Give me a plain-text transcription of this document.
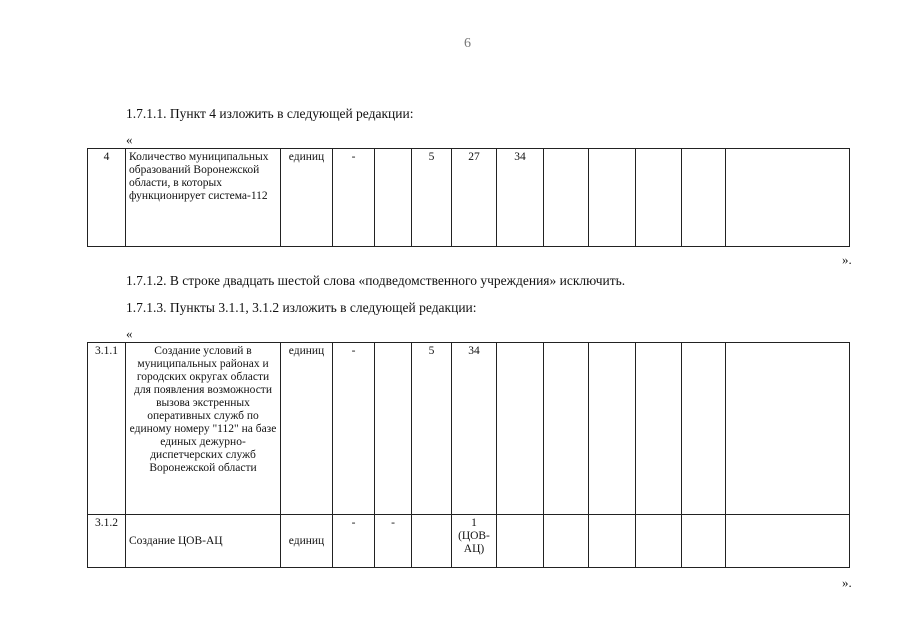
6
1.7.1.1. Пункт 4 изложить в следующей редакции:
«
4	Количество муниципальных образований Воронежской области, в которых функционирует система-112	единиц	-		5	27	34					
».
1.7.1.2. В строке двадцать шестой слова «подведомственного учреждения» исключить.
1.7.1.3. Пункты 3.1.1, 3.1.2 изложить в следующей редакции:
«
3.1.1	Создание условий в муниципальных районах и городских округах области для появления возможности вызова экстренных оперативных служб по единому номеру "112" на базе единых дежурно-диспетчерских служб Воронежской области	единиц	-		5	34						
3.1.2	Создание ЦОВ-АЦ	единиц	-	-		1 (ЦОВ-АЦ)						
».
